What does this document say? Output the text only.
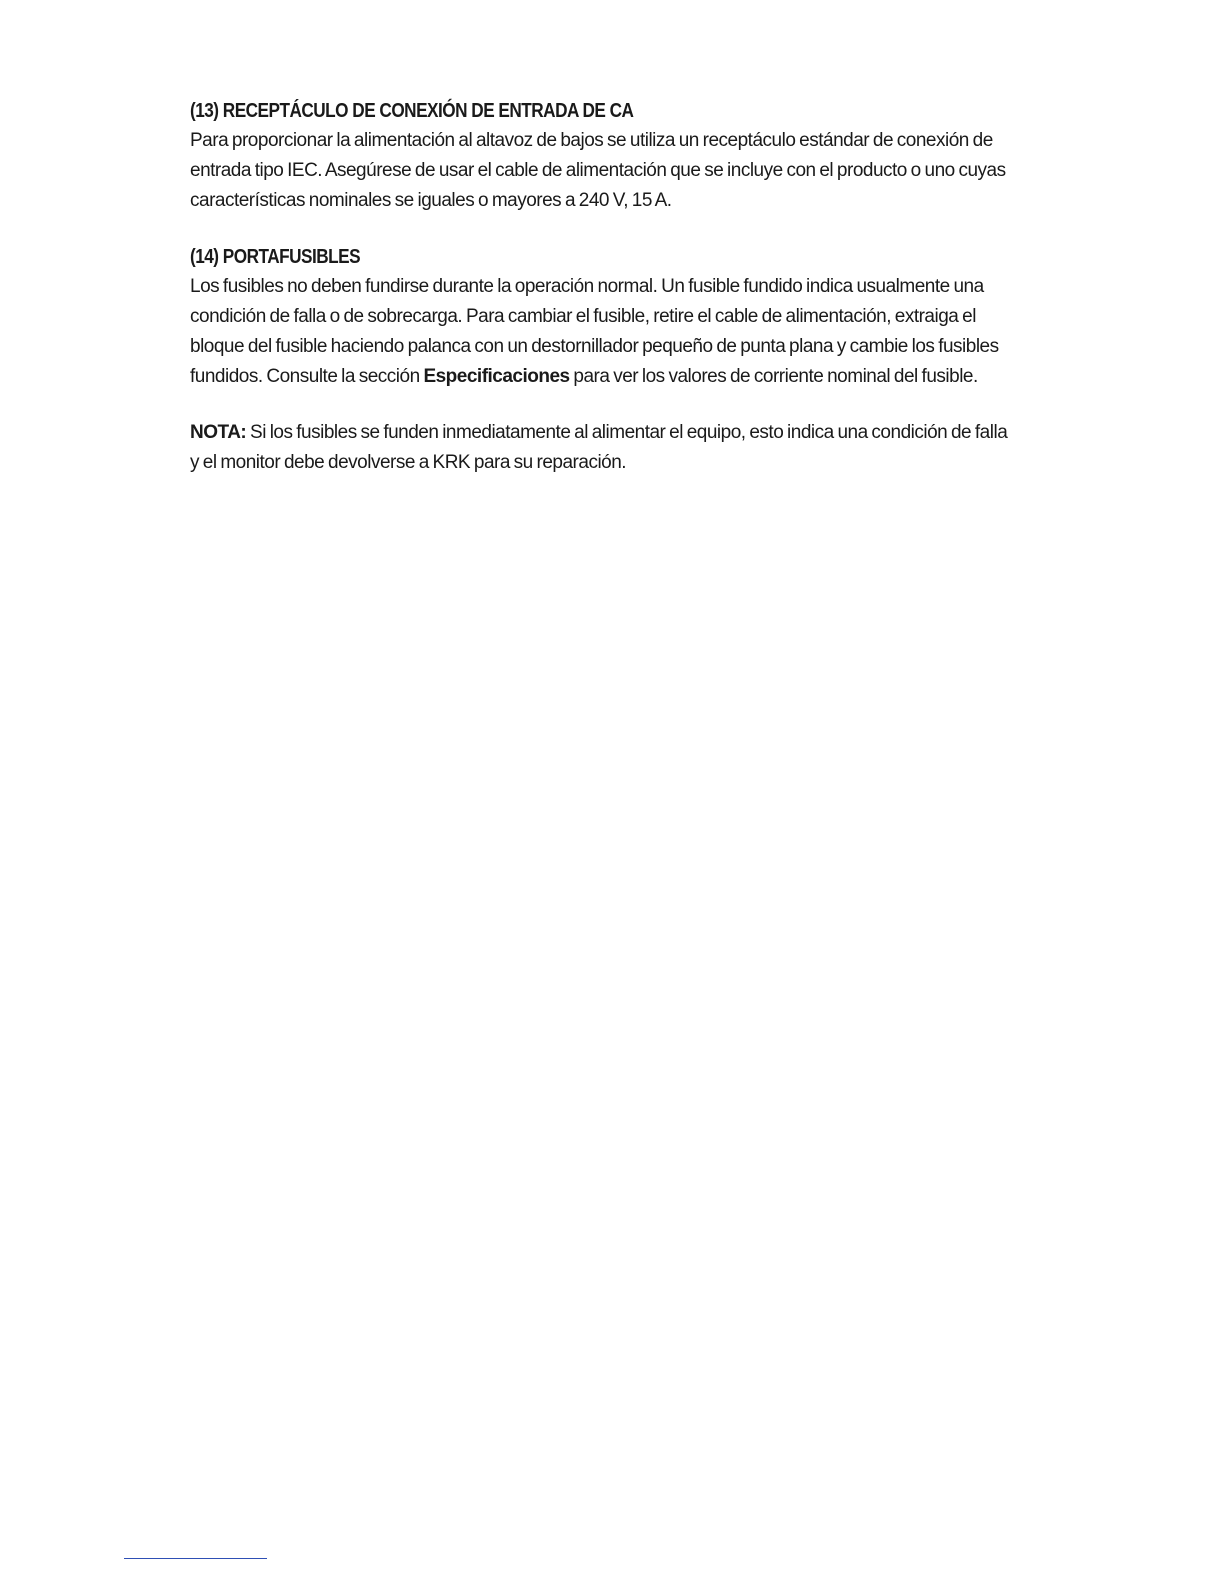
(13) RECEPTÁCULO DE CONEXIÓN DE ENTRADA DE CA
Para proporcionar la alimentación al altavoz de bajos se utiliza un receptáculo estándar de conexión de
entrada tipo IEC. Asegúrese de usar el cable de alimentación que se incluye con el producto o uno cuyas
características nominales se iguales o mayores a 240 V, 15 A.
(14) PORTAFUSIBLES
Los fusibles no deben fundirse durante la operación normal. Un fusible fundido indica usualmente una
condición de falla o de sobrecarga. Para cambiar el fusible, retire el cable de alimentación, extraiga el
bloque del fusible haciendo palanca con un destornillador pequeño de punta plana y cambie los fusibles
fundidos. Consulte la sección Especificaciones para ver los valores de corriente nominal del fusible.
NOTA: Si los fusibles se funden inmediatamente al alimentar el equipo, esto indica una condición de falla
y el monitor debe devolverse a KRK para su reparación.
